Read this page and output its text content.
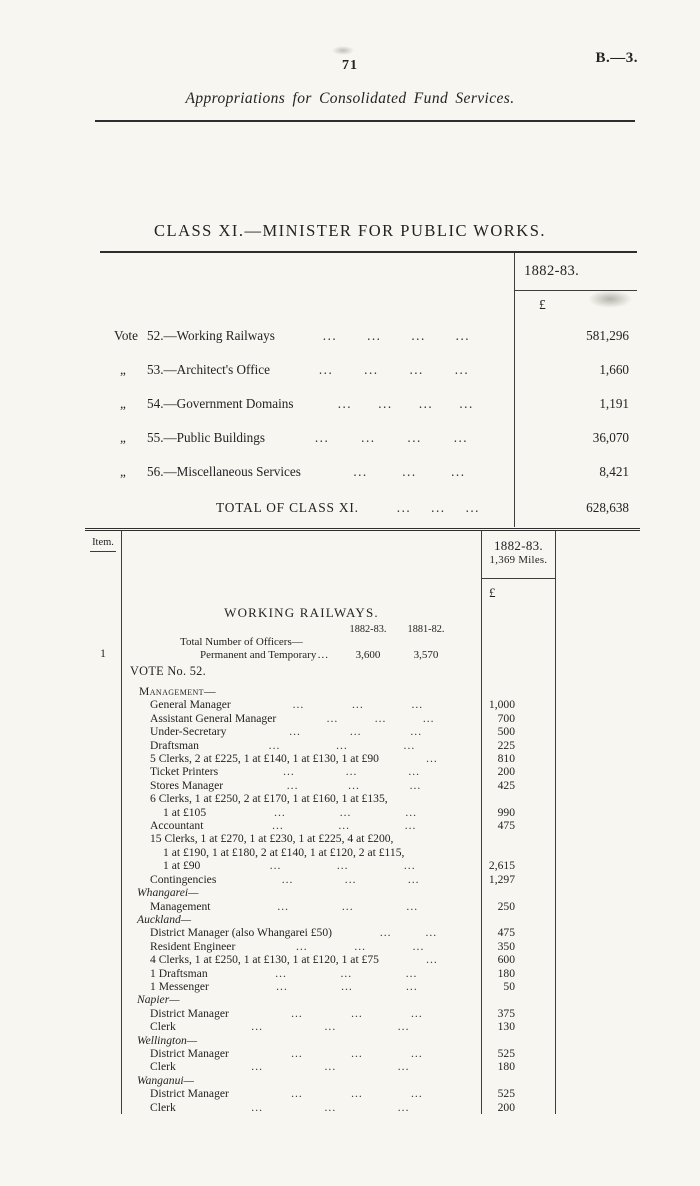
71	B.—3.
Appropriations for Consolidated Fund Services.
CLASS XI.—MINISTER FOR PUBLIC WORKS.
1882-83.
£
Vote 52.—Working Railways	... ... ... ...	581,296
„	53.—Architect's Office	... ... ... ...	1,660
„	54.—Government Domains	... ... ... ...	1,191
„	55.—Public Buildings	... ... ... ...	36,070
„	56.—Miscellaneous Services	...	...	...	8,421
TOTAL OF CLASS XI.	... ... ...	628,638
Item.	1882-83.
1,369 Miles.
1
WORKING RAILWAYS.
1882-83.	1881-82.
Total Number of Officers—
Permanent and Temporary ...	3,600	3,570
£
VOTE No. 52.
Management—
General Manager	...	...	...	1,000
Assistant General Manager	...	...	...	700
Under-Secretary	...	...	...	500
Draftsman	...	...	...	225
5 Clerks, 2 at £225, 1 at £140, 1 at £130, 1 at £90	...	810
Ticket Printers	...	...	...	200
Stores Manager	...	...	...	425
6 Clerks, 1 at £250, 2 at £170, 1 at £160, 1 at £135,
1 at £105	...	...	...	990
Accountant	...	...	...	475
15 Clerks, 1 at £270, 1 at £230, 1 at £225, 4 at £200,
1 at £190, 1 at £180, 2 at £140, 1 at £120, 2 at £115,
1 at £90	...	...	...	2,615
Contingencies	...	...	...	1,297
Whangarei—
Management	...	...	...	250
Auckland—
District Manager (also Whangarei £50)	...	...	475
Resident Engineer	...	...	...	350
4 Clerks, 1 at £250, 1 at £130, 1 at £120, 1 at £75	...	600
1 Draftsman	...	...	...	180
1 Messenger	...	...	...	50
Napier—
District Manager	...	...	...	375
Clerk	...	...	...	130
Wellington—
District Manager	...	...	...	525
Clerk	...	...	...	180
Wanganui—
District Manager	...	...	...	525
Clerk	...	...	...	200
